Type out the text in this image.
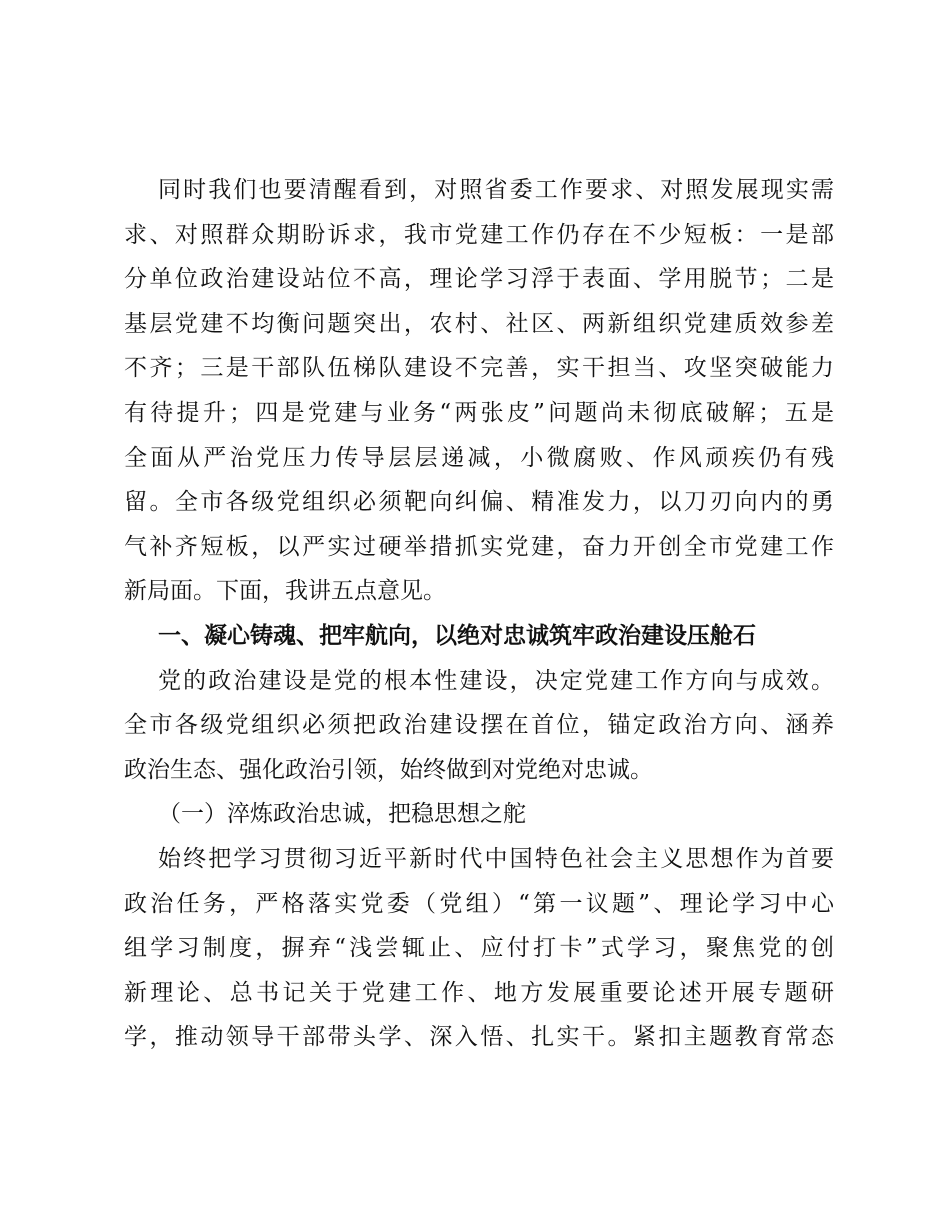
同时我们也要清醒看到，对照省委工作要求、对照发展现实需
求、对照群众期盼诉求，我市党建工作仍存在不少短板：一是部
分单位政治建设站位不高，理论学习浮于表面、学用脱节；二是
基层党建不均衡问题突出，农村、社区、两新组织党建质效参差
不齐；三是干部队伍梯队建设不完善，实干担当、攻坚突破能力
有待提升；四是党建与业务“两张皮”问题尚未彻底破解；五是
全面从严治党压力传导层层递减，小微腐败、作风顽疾仍有残
留。全市各级党组织必须靶向纠偏、精准发力，以刀刃向内的勇
气补齐短板，以严实过硬举措抓实党建，奋力开创全市党建工作
新局面。下面，我讲五点意见。
一、凝心铸魂、把牢航向，以绝对忠诚筑牢政治建设压舱石
党的政治建设是党的根本性建设，决定党建工作方向与成效。
全市各级党组织必须把政治建设摆在首位，锚定政治方向、涵养
政治生态、强化政治引领，始终做到对党绝对忠诚。
（一）淬炼政治忠诚，把稳思想之舵
始终把学习贯彻习近平新时代中国特色社会主义思想作为首要
政治任务，严格落实党委（党组）“第一议题”、理论学习中心
组学习制度，摒弃“浅尝辄止、应付打卡”式学习，聚焦党的创
新理论、总书记关于党建工作、地方发展重要论述开展专题研
学，推动领导干部带头学、深入悟、扎实干。紧扣主题教育常态
